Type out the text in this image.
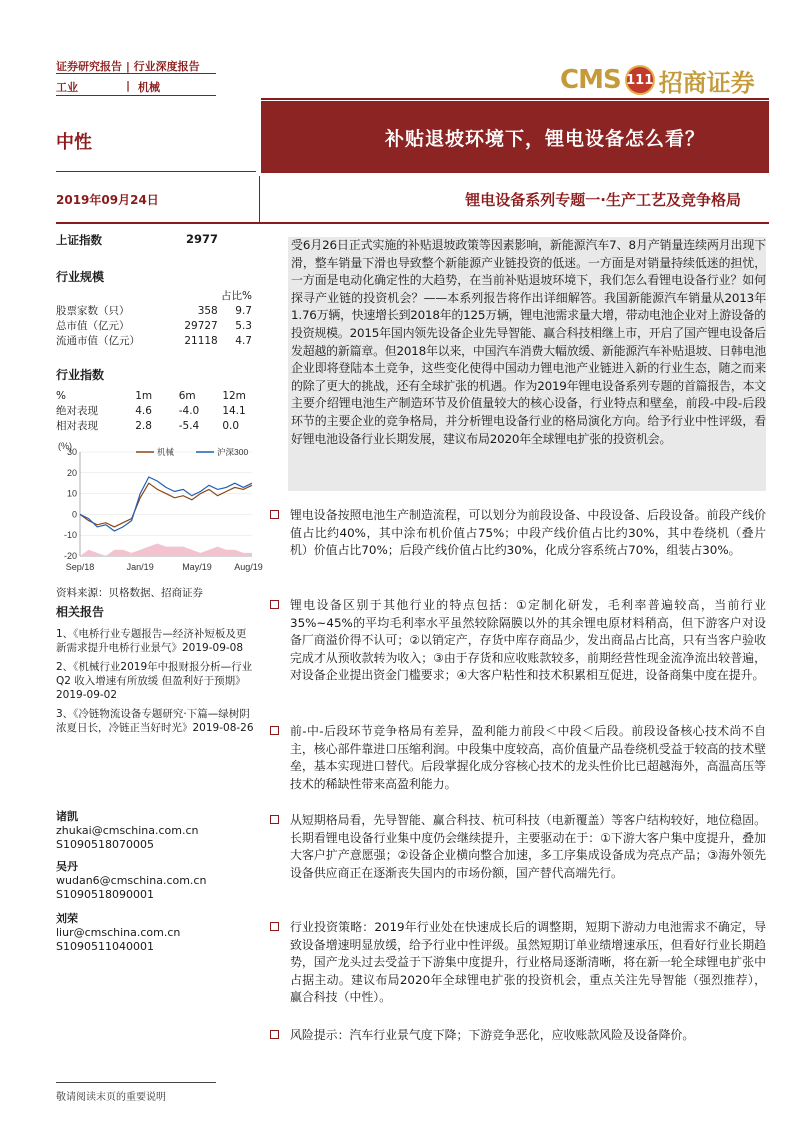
证券研究报告 | 行业深度报告
工业	| 机械	CMS 111 招商证券
中性	补贴退坡环境下，锂电设备怎么看？
2019年09月24日	锂电设备系列专题一·生产工艺及竞争格局
上证指数	2977
行业规模
占比%
股票家数（只）	358	9.7
总市值（亿元）	29727	5.3
流通市值（亿元）	21118	4.7
行业指数
%	1m	6m	12m
绝对表现	4.6	-4.0	14.1
相对表现	2.8	-5.4	0.0
(%)
30
20
10
0
-10
-20
机械	沪深300
Sep/18	Jan/19	May/19	Aug/19
资料来源：贝格数据、招商证券
相关报告
1、《电桥行业专题报告—经济补短板及更新需求提升电桥行业景气》2019-09-08
2、《机械行业2019年中报财报分析—行业 Q2 收入增速有所放缓 但盈利好于预期》2019-09-02
3、《冷链物流设备专题研究·下篇—绿树阴浓夏日长，冷链正当好时光》2019-08-26
诸凯
zhukai@cmschina.com.cn
S1090518070005
吴丹
wudan6@cmschina.com.cn
S1090518090001
刘荣
liur@cmschina.com.cn
S1090511040001

受6月26日正式实施的补贴退坡政策等因素影响，新能源汽车7、8月产销量连续两月出现下滑，整车销量下滑也导致整个新能源产业链投资的低迷。一方面是对销量持续低迷的担忧，一方面是电动化确定性的大趋势，在当前补贴退坡环境下，我们怎么看锂电设备行业？如何探寻产业链的投资机会？——本系列报告将作出详细解答。我国新能源汽车销量从2013年1.76万辆，快速增长到2018年的125万辆，锂电池需求量大增，带动电池企业对上游设备的投资规模。2015年国内领先设备企业先导智能、赢合科技相继上市，开启了国产锂电设备后发超越的新篇章。但2018年以来，中国汽车消费大幅放缓、新能源汽车补贴退坡、日韩电池企业即将登陆本土竞争，这些变化使得中国动力锂电池产业链进入新的行业生态，随之而来的除了更大的挑战，还有全球扩张的机遇。作为2019年锂电设备系列专题的首篇报告，本文主要介绍锂电池生产制造环节及价值量较大的核心设备，行业特点和壁垒，前段-中段-后段环节的主要企业的竞争格局，并分析锂电设备行业的格局演化方向。给予行业中性评级，看好锂电池设备行业长期发展，建议布局2020年全球锂电扩张的投资机会。

锂电设备按照电池生产制造流程，可以划分为前段设备、中段设备、后段设备。前段产线价值占比约40%，其中涂布机价值占75%；中段产线价值占比约30%，其中卷绕机（叠片机）价值占比70%；后段产线价值占比约30%，化成分容系统占70%，组装占30%。
锂电设备区别于其他行业的特点包括：①定制化研发，毛利率普遍较高，当前行业 35%~45%的平均毛利率水平虽然较除隔膜以外的其余锂电原材料稍高，但下游客户对设备厂商溢价得不认可；②以销定产，存货中库存商品少，发出商品占比高，只有当客户验收完成才从预收款转为收入；③由于存货和应收账款较多，前期经营性现金流净流出较普遍，对设备企业提出资金门槛要求；④大客户粘性和技术积累相互促进，设备商集中度在提升。
前-中-后段环节竞争格局有差异，盈利能力前段＜中段＜后段。前段设备核心技术尚不自主，核心部件靠进口压缩利润。中段集中度较高，高价值量产品卷绕机受益于较高的技术壁垒，基本实现进口替代。后段掌握化成分容核心技术的龙头性价比已超越海外，高温高压等技术的稀缺性带来高盈利能力。
从短期格局看，先导智能、赢合科技、杭可科技（电新覆盖）等客户结构较好，地位稳固。长期看锂电设备行业集中度仍会继续提升，主要驱动在于：①下游大客户集中度提升，叠加大客户扩产意愿强；②设备企业横向整合加速，多工序集成设备成为亮点产品；③海外领先设备供应商正在逐渐丧失国内的市场份额，国产替代高端先行。
行业投资策略：2019年行业处在快速成长后的调整期，短期下游动力电池需求不确定，导致设备增速明显放缓，给予行业中性评级。虽然短期订单业绩增速承压，但看好行业长期趋势，国产龙头过去受益于下游集中度提升，行业格局逐渐清晰，将在新一轮全球锂电扩张中占据主动。建议布局2020年全球锂电扩张的投资机会，重点关注先导智能（强烈推荐），赢合科技（中性）。
风险提示：汽车行业景气度下降；下游竞争恶化，应收账款风险及设备降价。
敬请阅读末页的重要说明
